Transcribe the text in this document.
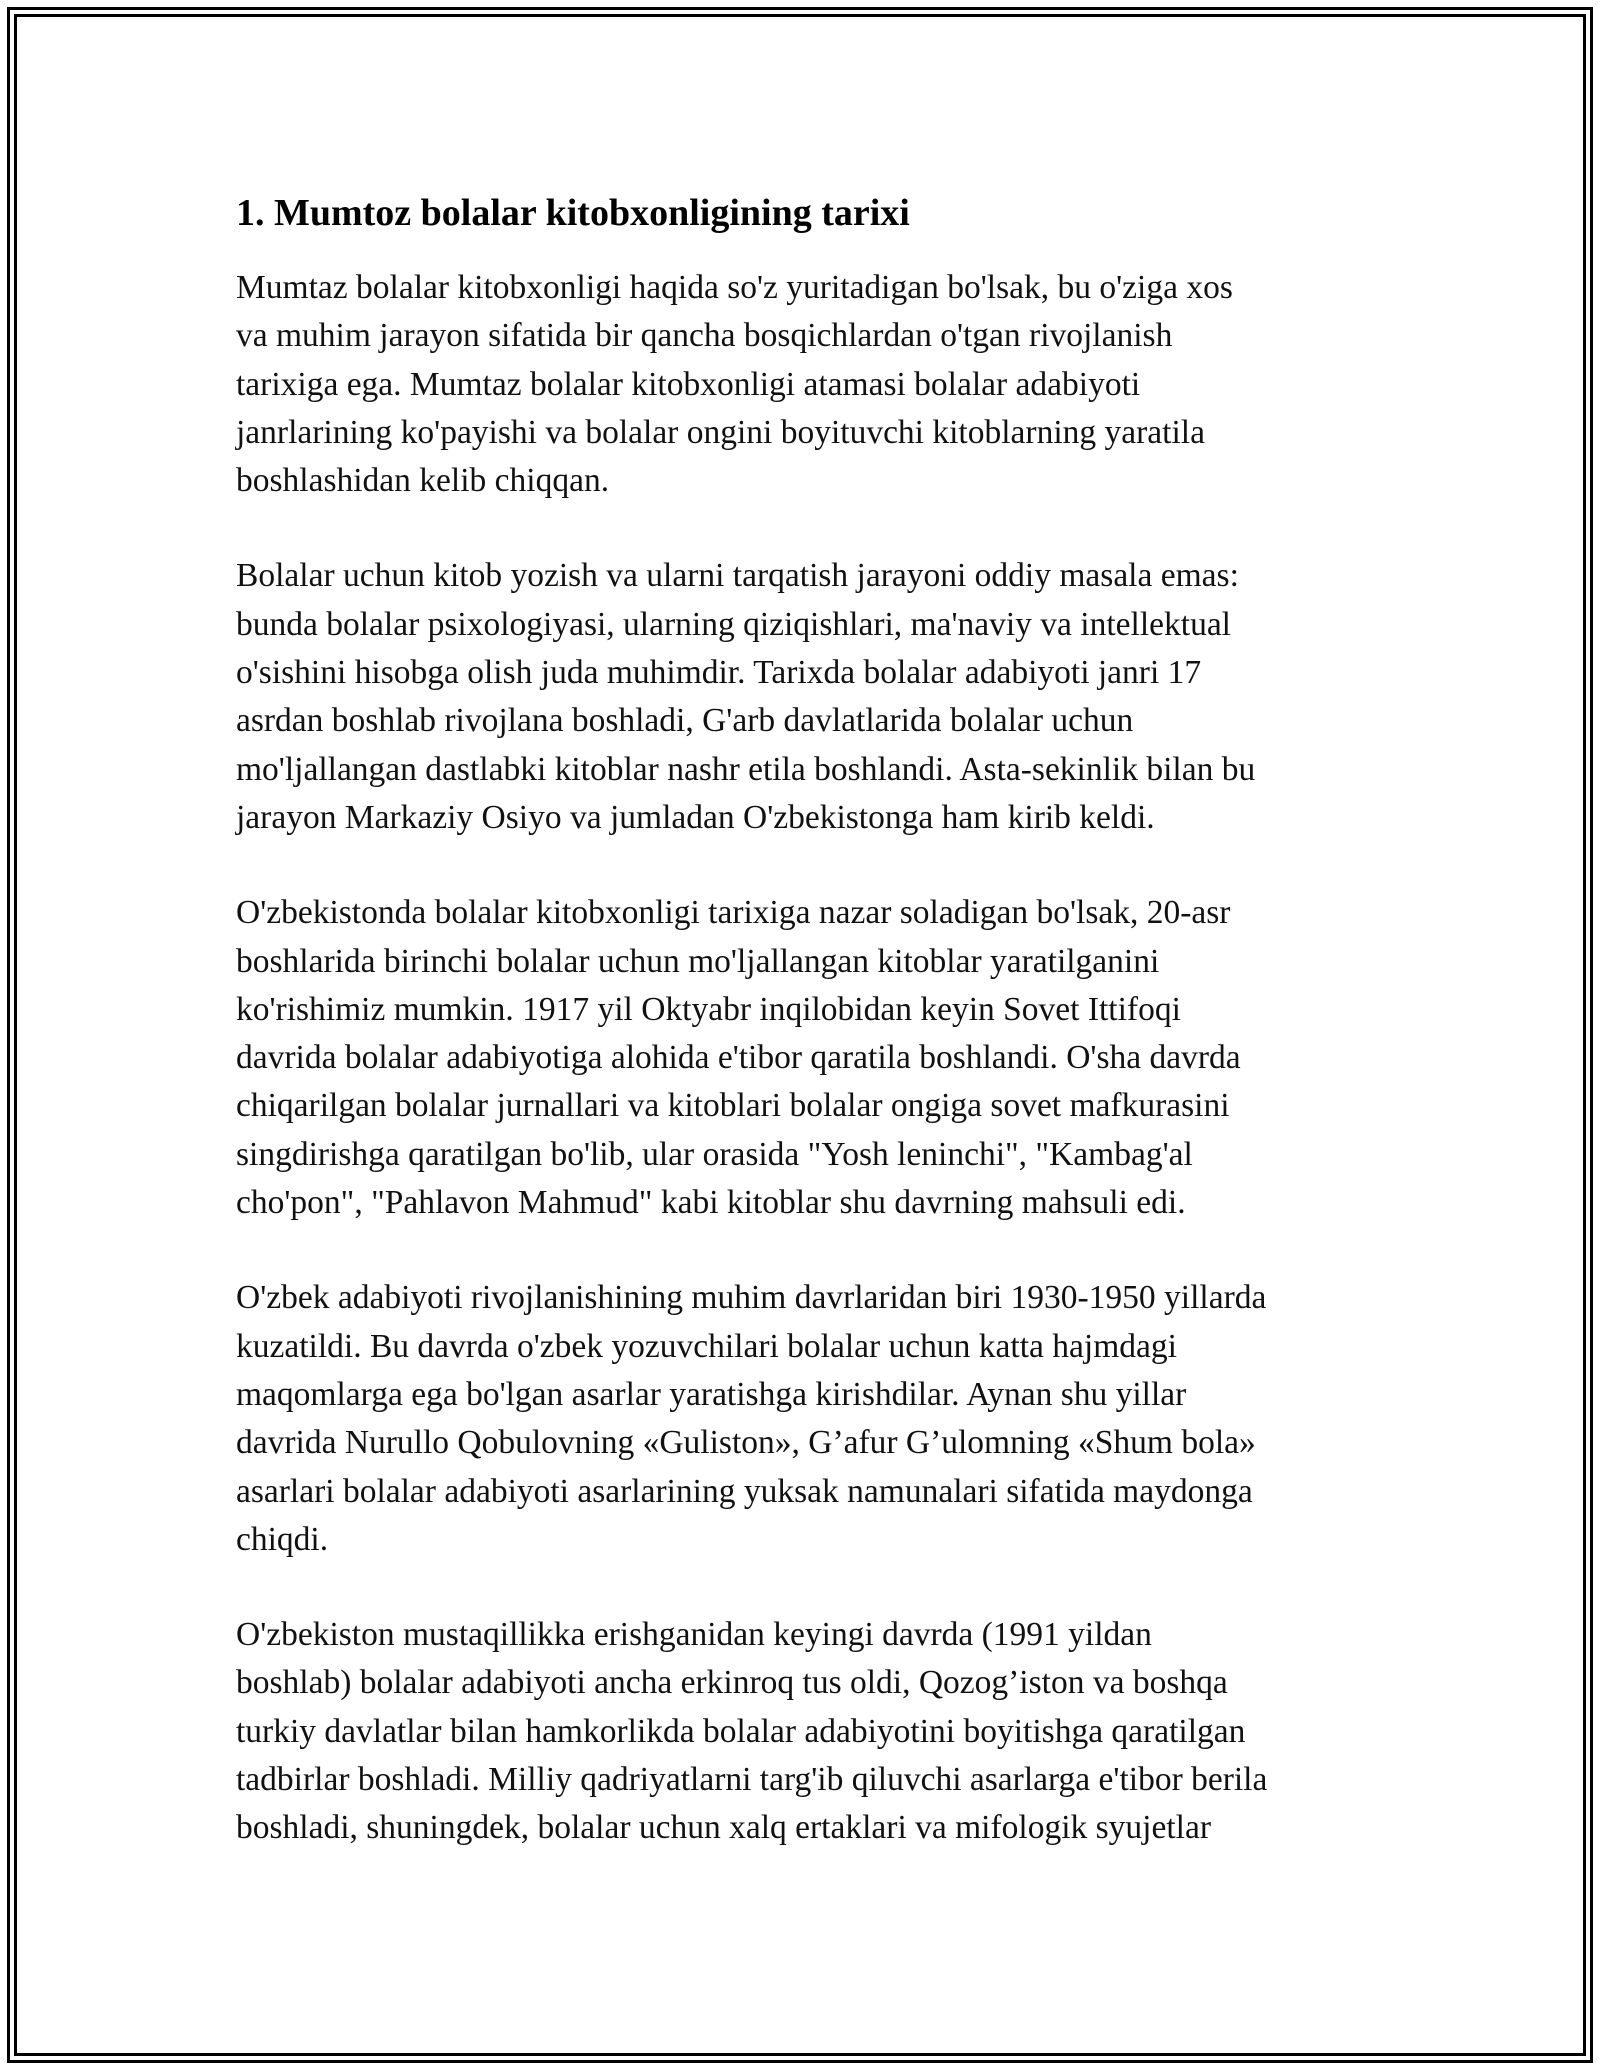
1. Mumtoz bolalar kitobxonligining tarixi

Mumtaz bolalar kitobxonligi haqida so'z yuritadigan bo'lsak, bu o'ziga xos
va muhim jarayon sifatida bir qancha bosqichlardan o'tgan rivojlanish
tarixiga ega. Mumtaz bolalar kitobxonligi atamasi bolalar adabiyoti
janrlarining ko'payishi va bolalar ongini boyituvchi kitoblarning yaratila
boshlashidan kelib chiqqan.

Bolalar uchun kitob yozish va ularni tarqatish jarayoni oddiy masala emas:
bunda bolalar psixologiyasi, ularning qiziqishlari, ma'naviy va intellektual
o'sishini hisobga olish juda muhimdir. Tarixda bolalar adabiyoti janri 17
asrdan boshlab rivojlana boshladi, G'arb davlatlarida bolalar uchun
mo'ljallangan dastlabki kitoblar nashr etila boshlandi. Asta-sekinlik bilan bu
jarayon Markaziy Osiyo va jumladan O'zbekistonga ham kirib keldi.

O'zbekistonda bolalar kitobxonligi tarixiga nazar soladigan bo'lsak, 20-asr
boshlarida birinchi bolalar uchun mo'ljallangan kitoblar yaratilganini
ko'rishimiz mumkin. 1917 yil Oktyabr inqilobidan keyin Sovet Ittifoqi
davrida bolalar adabiyotiga alohida e'tibor qaratila boshlandi. O'sha davrda
chiqarilgan bolalar jurnallari va kitoblari bolalar ongiga sovet mafkurasini
singdirishga qaratilgan bo'lib, ular orasida "Yosh leninchi", "Kambag'al
cho'pon", "Pahlavon Mahmud" kabi kitoblar shu davrning mahsuli edi.

O'zbek adabiyoti rivojlanishining muhim davrlaridan biri 1930-1950 yillarda
kuzatildi. Bu davrda o'zbek yozuvchilari bolalar uchun katta hajmdagi
maqomlarga ega bo'lgan asarlar yaratishga kirishdilar. Aynan shu yillar
davrida Nurullo Qobulovning «Guliston», G’afur G’ulomning «Shum bola»
asarlari bolalar adabiyoti asarlarining yuksak namunalari sifatida maydonga
chiqdi.

O'zbekiston mustaqillikka erishganidan keyingi davrda (1991 yildan
boshlab) bolalar adabiyoti ancha erkinroq tus oldi, Qozog’iston va boshqa
turkiy davlatlar bilan hamkorlikda bolalar adabiyotini boyitishga qaratilgan
tadbirlar boshladi. Milliy qadriyatlarni targ'ib qiluvchi asarlarga e'tibor berila
boshladi, shuningdek, bolalar uchun xalq ertaklari va mifologik syujetlar
